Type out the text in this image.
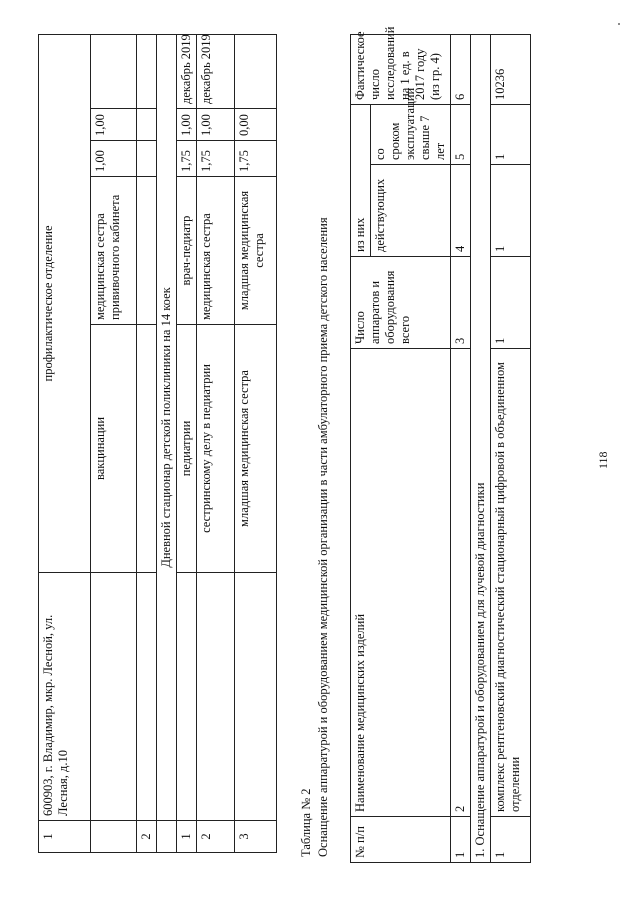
118
1	600903, г. Владимир, мкр. Лесной, ул. Лесная, д.10	профилактическое отделение				
		вакцинации	медицинская сестра прививочного кабинета	1,00	1,00	
2						
	Дневной стационар детской поликлиники на 14 коек					
1		педиатрии	врач-педиатр	1,75	1,00	декабрь 2019
2		сестринскому делу в педиатрии	медицинская сестра	1,75	1,00	декабрь 2019
3		младшая медицинская сестра	младшая медицинская сестра	1,75	0,00	
Таблица № 2 Оснащение аппаратурой и оборудованием медицинской организации в части амбулаторного приема детского населения № п/п	Наименование медицинских изделий	Число аппаратов и оборудования всего	из них		Фактическое число исследований на 1 ед. в 2017 году (из гр. 4)
			действующих	со сроком эксплуатации свыше 7 лет	
1	2	3	4	5	6
1. Оснащение аппаратурой и оборудованием для лучевой диагностики					
1	комплекс рентгеновский диагностический стационарный цифровой в объединенном отделении	1	1	1	10236
